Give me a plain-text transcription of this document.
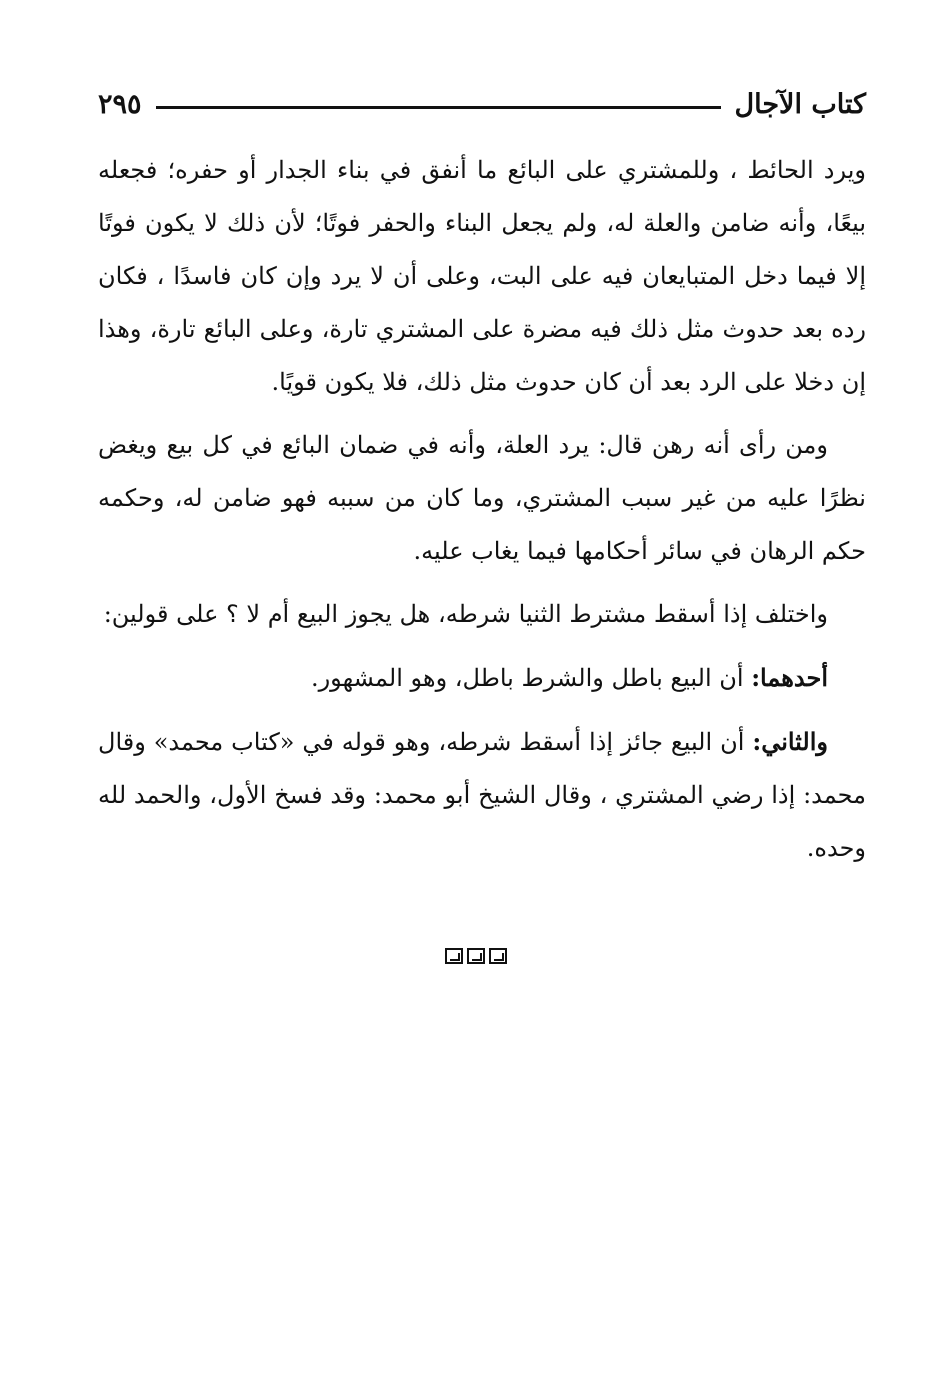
كتاب الآجال
٢٩٥

ويرد الحائط ، وللمشتري على البائع ما أنفق في بناء الجدار أو حفره؛ فجعله بيعًا، وأنه ضامن والعلة له، ولم يجعل البناء والحفر فوتًا؛ لأن ذلك لا يكون فوتًا إلا فيما دخل المتبايعان فيه على البت، وعلى أن لا يرد وإن كان فاسدًا ، فكان رده بعد حدوث مثل ذلك فيه مضرة على المشتري تارة، وعلى البائع تارة، وهذا إن دخلا على الرد بعد أن كان حدوث مثل ذلك، فلا يكون قويًا.

ومن رأى أنه رهن قال: يرد العلة، وأنه في ضمان البائع في كل بيع ويغض نظرًا عليه من غير سبب المشتري، وما كان من سببه فهو ضامن له، وحكمه حكم الرهان في سائر أحكامها فيما يغاب عليه.

واختلف إذا أسقط مشترط الثنيا شرطه، هل يجوز البيع أم لا ؟ على قولين:

أحدهما: أن البيع باطل والشرط باطل، وهو المشهور.

والثاني: أن البيع جائز إذا أسقط شرطه، وهو قوله في «كتاب محمد» وقال محمد: إذا رضي المشتري ، وقال الشيخ أبو محمد: وقد فسخ الأول، والحمد لله وحده.
